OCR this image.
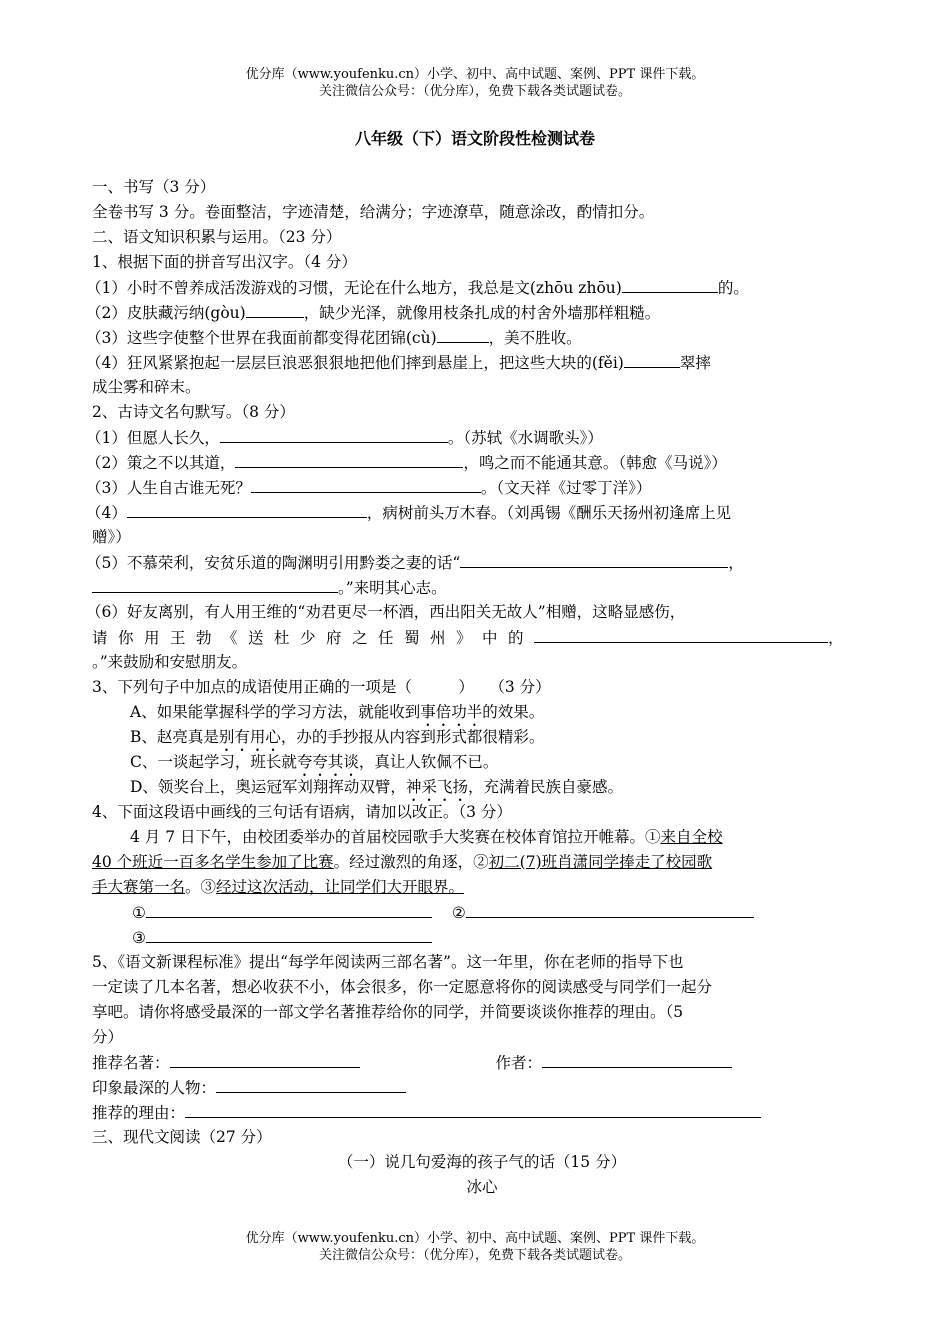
优分库（www.youfenku.cn）小学、初中、高中试题、案例、PPT 课件下载。
关注微信公众号：（优分库），免费下载各类试题试卷。
八年级（下）语文阶段性检测试卷
一、书写（3 分）
全卷书写 3 分。卷面整洁，字迹清楚，给满分；字迹潦草，随意涂改，酌情扣分。
二、语文知识积累与运用。（23 分）
1、根据下面的拼音写出汉字。（4 分）
（1）小时不曾养成活泼游戏的习惯，无论在什么地方，我总是文(zhōu zhōu)	的。
（2）皮肤藏污纳(gòu)	，缺少光泽，就像用枝条扎成的村舍外墙那样粗糙。
（3）这些字使整个世界在我面前都变得花团锦(cù)	，美不胜收。
（4）狂风紧紧抱起一层层巨浪恶狠狠地把他们摔到悬崖上，把这些大块的(fěi)	翠摔
成尘雾和碎末。
2、古诗文名句默写。（8 分）
（1）但愿人长久，	。（苏轼《水调歌头》）
（2）策之不以其道，	，鸣之而不能通其意。（韩愈《马说》）
（3）人生自古谁无死？	。（文天祥《过零丁洋》）
（4）	，病树前头万木春。（刘禹锡《酬乐天扬州初逢席上见
赠》）
（5）不慕荣利，安贫乐道的陶渊明引用黔娄之妻的话“	，
。”来明其心志。
（6）好友离别，有人用王维的“劝君更尽一杯酒，西出阳关无故人”相赠，这略显感伤，
请你用王勃《送杜少府之任蜀州》中的	，
。”来鼓励和安慰朋友。
3、下列句子中加点的成语使用正确的一项是（　　　）　　（3 分）
A、如果能掌握科学的学习方法，就能收到事倍功半的效果。
B、赵亮真是别有用心，办的手抄报从内容到形式都很精彩。
C、一谈起学习，班长就夸夸其谈，真让人钦佩不已。
D、领奖台上，奥运冠军刘翔挥动双臂，神采飞扬，充满着民族自豪感。
4、下面这段语中画线的三句话有语病，请加以改正。（3 分）
4 月 7 日下午，由校团委举办的首届校园歌手大奖赛在校体育馆拉开帷幕。①来自全校
40 个班近一百多名学生参加了比赛。经过激烈的角逐，②初二(7)班肖潇同学捧走了校园歌
手大赛第一名。③经过这次活动，让同学们大开眼界。
①	②
③
5、《语文新课程标准》提出“每学年阅读两三部名著”。这一年里，你在老师的指导下也
一定读了几本名著，想必收获不小，体会很多，你一定愿意将你的阅读感受与同学们一起分
享吧。请你将感受最深的一部文学名著推荐给你的同学，并简要谈谈你推荐的理由。（5
分）
推荐名著：	作者：
印象最深的人物：
推荐的理由：
三、现代文阅读（27 分）
（一）说几句爱海的孩子气的话（15 分）
冰心
优分库（www.youfenku.cn）小学、初中、高中试题、案例、PPT 课件下载。
关注微信公众号：（优分库），免费下载各类试题试卷。
